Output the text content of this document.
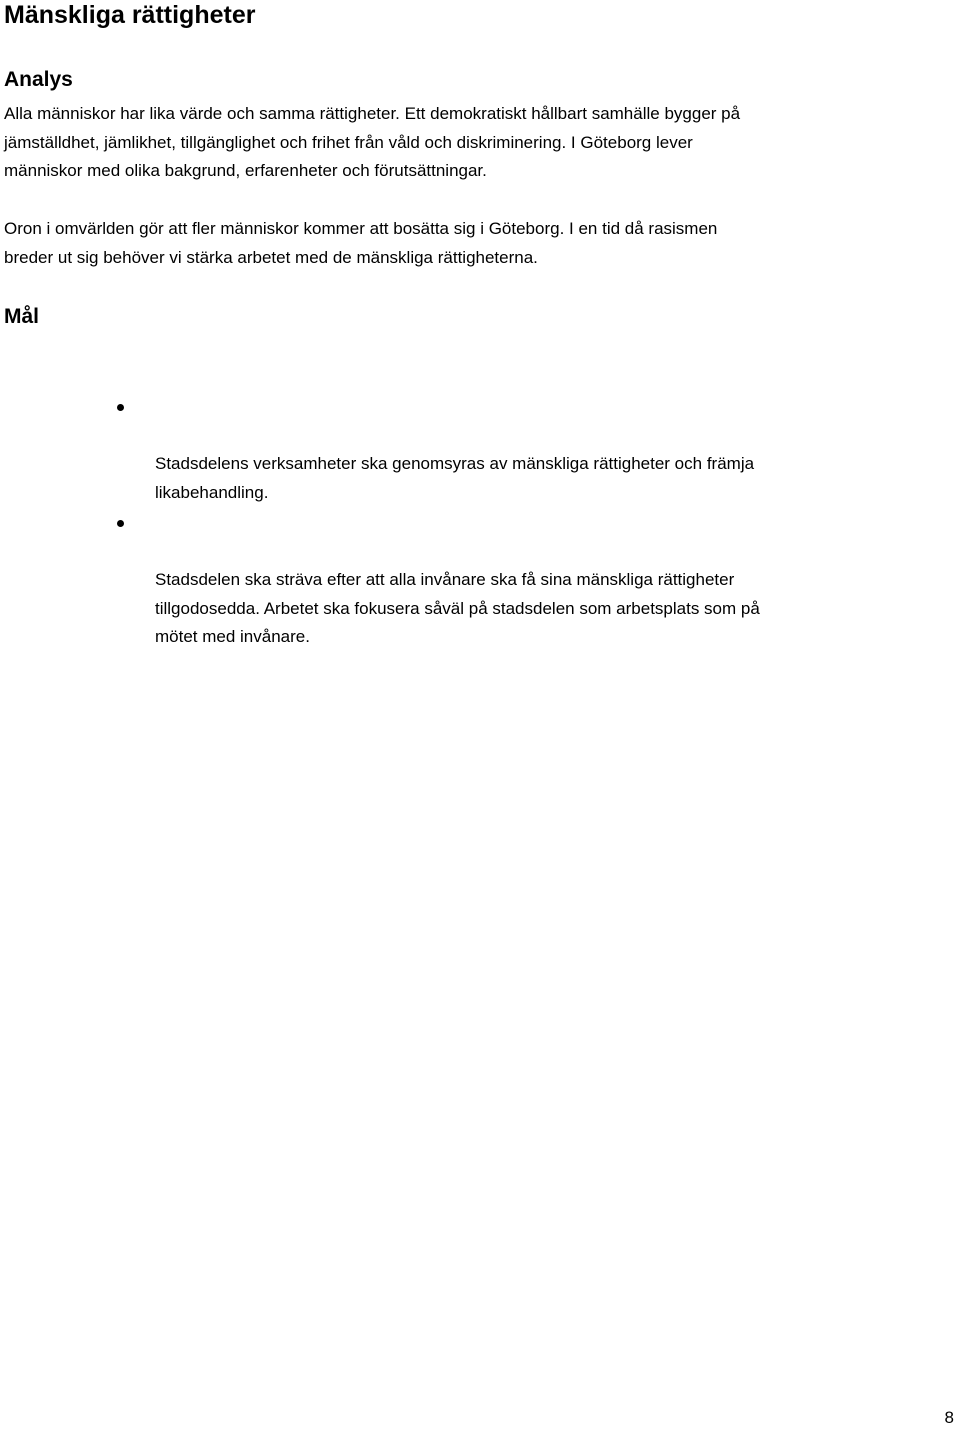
Mänskliga rättigheter
Analys

Alla människor har lika värde och samma rättigheter. Ett demokratiskt hållbart samhälle bygger på
jämställdhet, jämlikhet, tillgänglighet och frihet från våld och diskriminering. I Göteborg lever
människor med olika bakgrund, erfarenheter och förutsättningar.

Oron i omvärlden gör att fler människor kommer att bosätta sig i Göteborg. I en tid då rasismen
breder ut sig behöver vi stärka arbetet med de mänskliga rättigheterna.

Mål

Stadsdelens verksamheter ska genomsyras av mänskliga rättigheter och främja
likabehandling.

Stadsdelen ska sträva efter att alla invånare ska få sina mänskliga rättigheter
tillgodosedda. Arbetet ska fokusera såväl på stadsdelen som arbetsplats som på
mötet med invånare.

8
